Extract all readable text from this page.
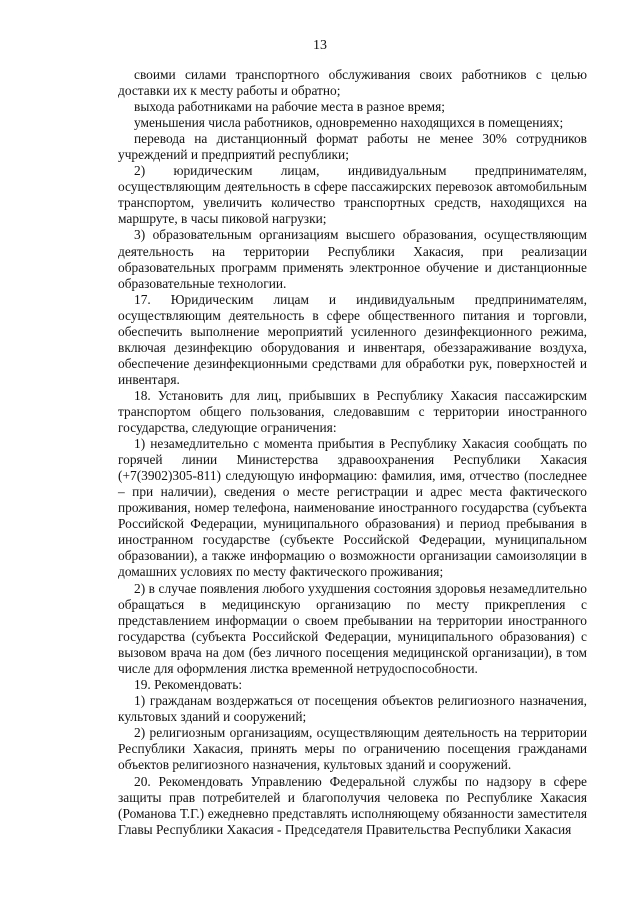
13

своими силами транспортного обслуживания своих работников с целью доставки их к месту работы и обратно;

выхода работниками на рабочие места в разное время;

уменьшения числа работников, одновременно находящихся в помещениях;

перевода на дистанционный формат работы не менее 30% сотрудников учреждений и предприятий республики;

2) юридическим лицам, индивидуальным предпринимателям, осуществляющим деятельность в сфере пассажирских перевозок автомобильным транспортом, увеличить количество транспортных средств, находящихся на маршруте, в часы пиковой нагрузки;

3) образовательным организациям высшего образования, осуществляющим деятельность на территории Республики Хакасия, при реализации образовательных программ применять электронное обучение и дистанционные образовательные технологии.

17. Юридическим лицам и индивидуальным предпринимателям, осуществляющим деятельность в сфере общественного питания и торговли, обеспечить выполнение мероприятий усиленного дезинфекционного режима, включая дезинфекцию оборудования и инвентаря, обеззараживание воздуха, обеспечение дезинфекционными средствами для обработки рук, поверхностей и инвентаря.

18. Установить для лиц, прибывших в Республику Хакасия пассажирским транспортом общего пользования, следовавшим с территории иностранного государства, следующие ограничения:

1) незамедлительно с момента прибытия в Республику Хакасия сообщать по горячей линии Министерства здравоохранения Республики Хакасия (+7(3902)305-811) следующую информацию: фамилия, имя, отчество (последнее – при наличии), сведения о месте регистрации и адрес места фактического проживания, номер телефона, наименование иностранного государства (субъекта Российской Федерации, муниципального образования) и период пребывания в иностранном государстве (субъекте Российской Федерации, муниципальном образовании), а также информацию о возможности организации самоизоляции в домашних условиях по месту фактического проживания;

2) в случае появления любого ухудшения состояния здоровья незамедлительно обращаться в медицинскую организацию по месту прикрепления с представлением информации о своем пребывании на территории иностранного государства (субъекта Российской Федерации, муниципального образования) с вызовом врача на дом (без личного посещения медицинской организации), в том числе для оформления листка временной нетрудоспособности.

19. Рекомендовать:

1) гражданам воздержаться от посещения объектов религиозного назначения, культовых зданий и сооружений;

2) религиозным организациям, осуществляющим деятельность на территории Республики Хакасия, принять меры по ограничению посещения гражданами объектов религиозного назначения, культовых зданий и сооружений.

20. Рекомендовать Управлению Федеральной службы по надзору в сфере защиты прав потребителей и благополучия человека по Республике Хакасия (Романова Т.Г.) ежедневно представлять исполняющему обязанности заместителя Главы Республики Хакасия - Председателя Правительства Республики Хакасия
